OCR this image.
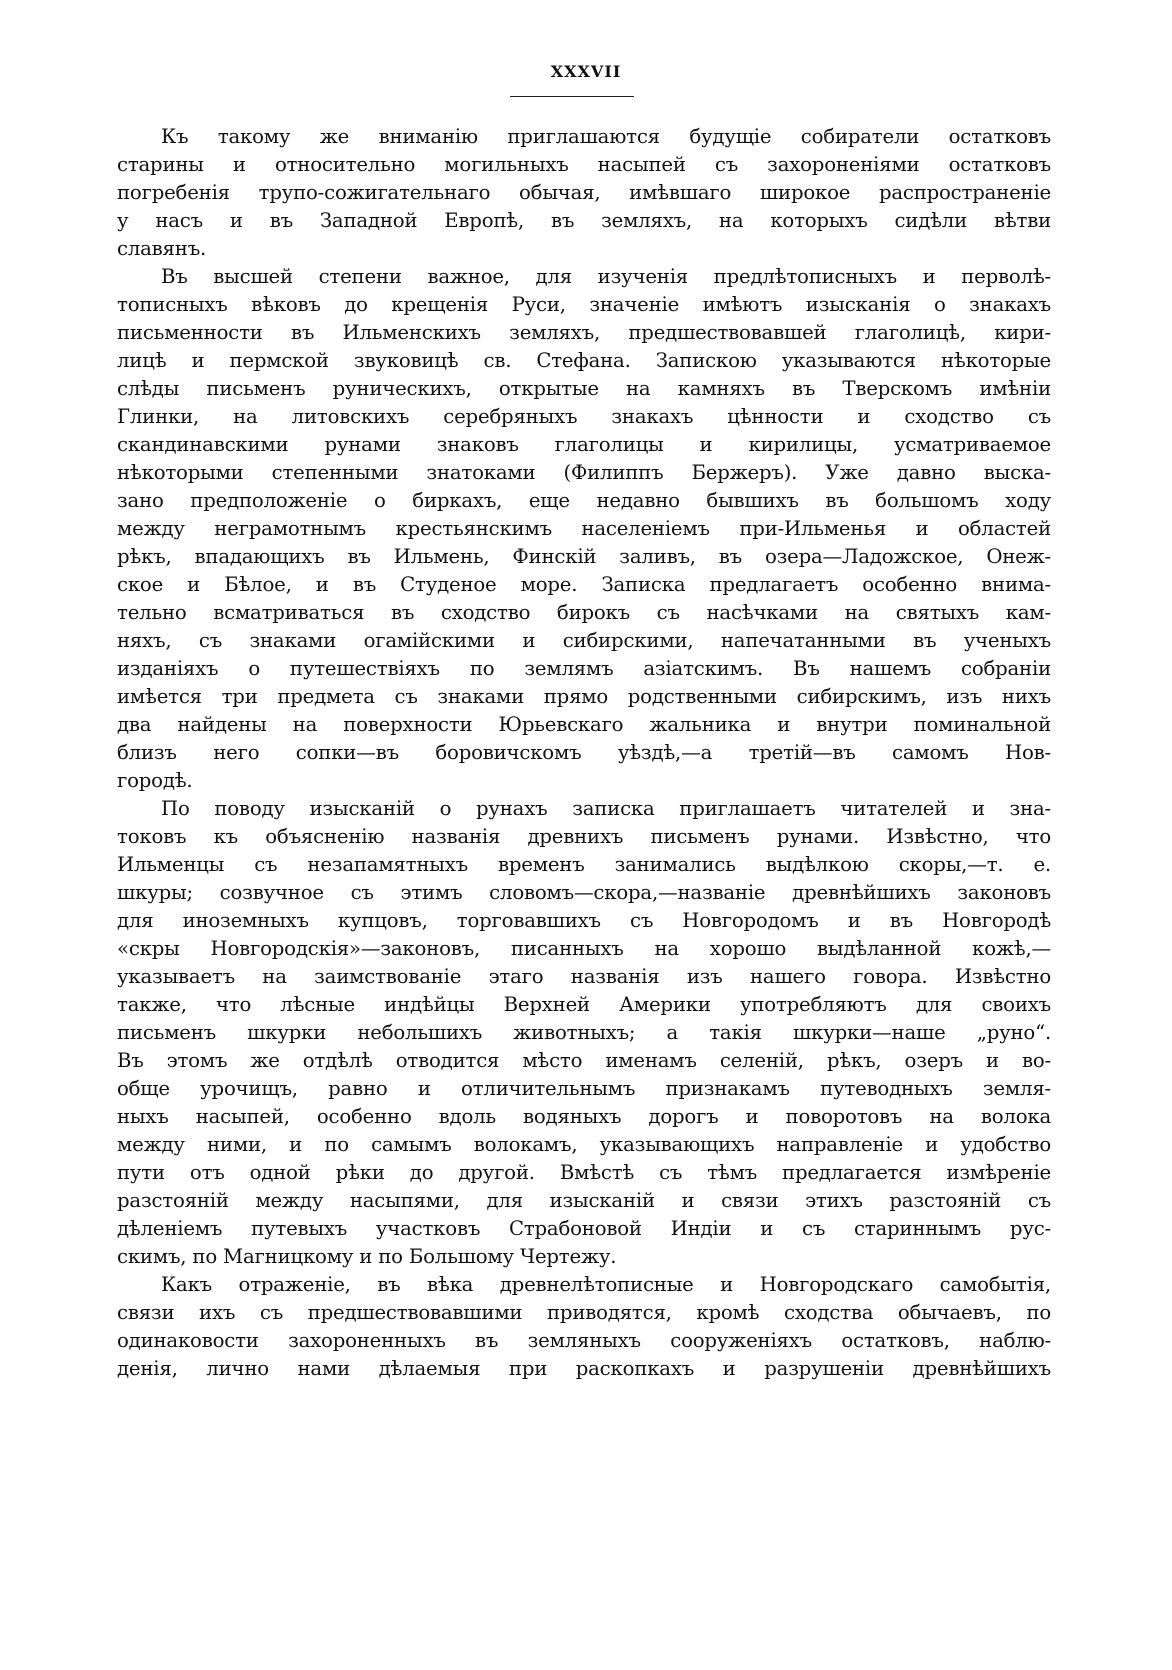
XXXVII
Къ такому же вниманію приглашаются будущіе собиратели остатковъ
старины и относительно могильныхъ насыпей съ захороненіями остатковъ
погребенія трупо-сожигательнаго обычая, имѣвшаго широкое распространеніе
у насъ и въ Западной Европѣ, въ земляхъ, на которыхъ сидѣли вѣтви
славянъ.
Въ высшей степени важное, для изученія предлѣтописныхъ и перволѣ-
тописныхъ вѣковъ до крещенія Руси, значеніе имѣютъ изысканія о знакахъ
письменности въ Ильменскихъ земляхъ, предшествовавшей глаголицѣ, кири-
лицѣ и пермской звуковицѣ св. Стефана. Запискою указываются нѣкоторые
слѣды письменъ руническихъ, открытые на камняхъ въ Тверскомъ имѣніи
Глинки, на литовскихъ серебряныхъ знакахъ цѣнности и сходство съ
скандинавскими рунами знаковъ глаголицы и кирилицы, усматриваемое
нѣкоторыми степенными знатоками (Филиппъ Бержеръ). Уже давно выска-
зано предположеніе о биркахъ, еще недавно бывшихъ въ большомъ ходу
между неграмотнымъ крестьянскимъ населеніемъ при-Ильменья и областей
рѣкъ, впадающихъ въ Ильмень, Финскій заливъ, въ озера—Ладожское, Онеж-
ское и Бѣлое, и въ Студеное море. Записка предлагаетъ особенно внима-
тельно всматриваться въ сходство бирокъ съ насѣчками на святыхъ кам-
няхъ, съ знаками огамійскими и сибирскими, напечатанными въ ученыхъ
изданіяхъ о путешествіяхъ по землямъ азіатскимъ. Въ нашемъ собраніи
имѣется три предмета съ знаками прямо родственными сибирскимъ, изъ нихъ
два найдены на поверхности Юрьевскаго жальника и внутри поминальной
близъ него сопки—въ боровичскомъ уѣздѣ,—а третій—въ самомъ Нов-
городѣ.
По поводу изысканій о рунахъ записка приглашаетъ читателей и зна-
токовъ къ объясненію названія древнихъ письменъ рунами. Извѣстно, что
Ильменцы съ незапамятныхъ временъ занимались выдѣлкою скоры,—т. е.
шкуры; созвучное съ этимъ словомъ—скора,—названіе древнѣйшихъ законовъ
для иноземныхъ купцовъ, торговавшихъ съ Новгородомъ и въ Новгородѣ
«скры Новгородскія»—законовъ, писанныхъ на хорошо выдѣланной кожѣ,—
указываетъ на заимствованіе этаго названія изъ нашего говора. Извѣстно
также, что лѣсные индѣйцы Верхней Америки употребляютъ для своихъ
письменъ шкурки небольшихъ животныхъ; а такія шкурки—наше „руно“.
Въ этомъ же отдѣлѣ отводится мѣсто именамъ селеній, рѣкъ, озеръ и во-
обще урочищъ, равно и отличительнымъ признакамъ путеводныхъ земля-
ныхъ насыпей, особенно вдоль водяныхъ дорогъ и поворотовъ на волока
между ними, и по самымъ волокамъ, указывающихъ направленіе и удобство
пути отъ одной рѣки до другой. Вмѣстѣ съ тѣмъ предлагается измѣреніе
разстояній между насыпями, для изысканій и связи этихъ разстояній съ
дѣленіемъ путевыхъ участковъ Страбоновой Индіи и съ стариннымъ рус-
скимъ, по Магницкому и по Большому Чертежу.
Какъ отраженіе, въ вѣка древнелѣтописные и Новгородскаго самобытія,
связи ихъ съ предшествовавшими приводятся, кромѣ сходства обычаевъ, по
одинаковости захороненныхъ въ земляныхъ сооруженіяхъ остатковъ, наблю-
денія, лично нами дѣлаемыя при раскопкахъ и разрушеніи древнѣйшихъ
